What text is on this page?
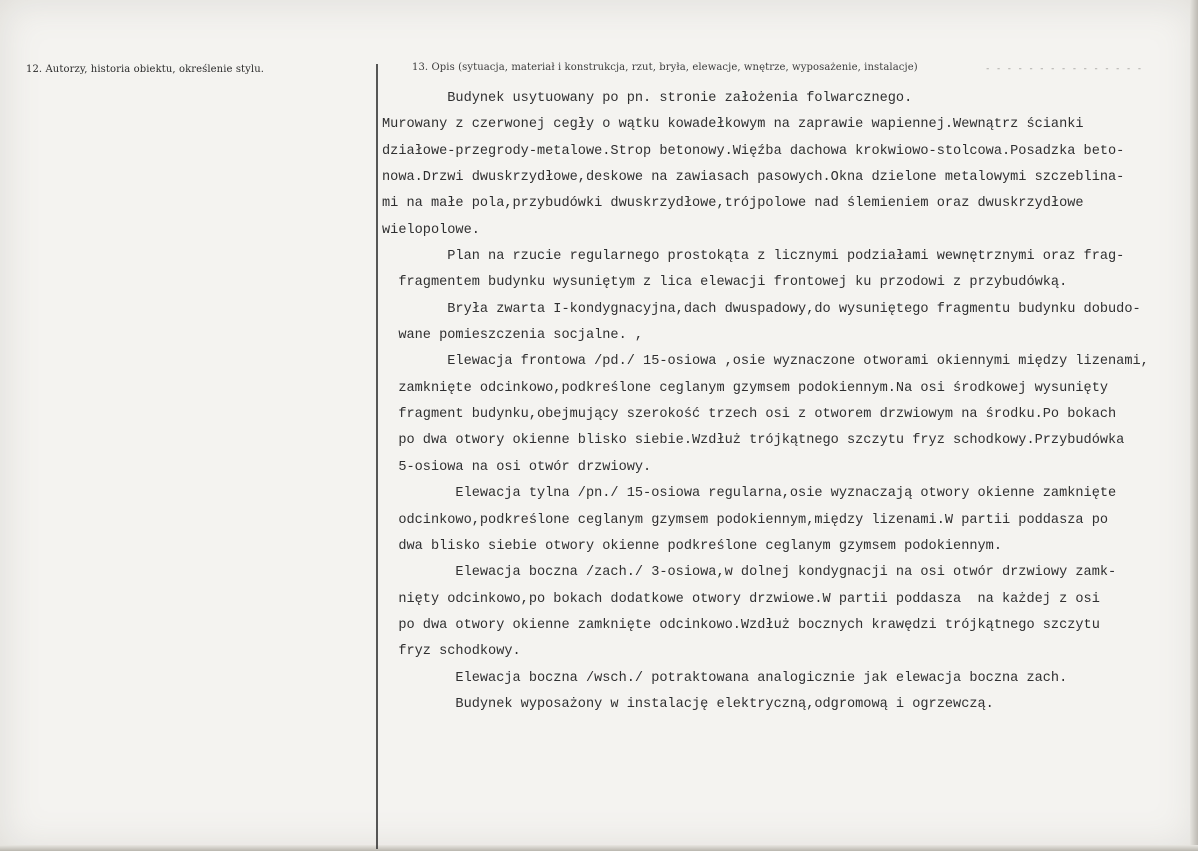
12. Autorzy, historia obiektu, określenie stylu.	13. Opis (sytuacja, materiał i konstrukcja, rzut, bryła, elewacje, wnętrze, wyposażenie, instalacje)	- - - - - - - - - - - - - - -
Budynek usytuowany po pn. stronie założenia folwarcznego.
Murowany z czerwonej cegły o wątku kowadełkowym na zaprawie wapiennej.Wewnątrz ścianki
działowe-przegrody-metalowe.Strop betonowy.Więźba dachowa krokwiowo-stolcowa.Posadzka beto-
nowa.Drzwi dwuskrzydłowe,deskowe na zawiasach pasowych.Okna dzielone metalowymi szczeblina-
mi na małe pola,przybudówki dwuskrzydłowe,trójpolowe nad ślemieniem oraz dwuskrzydłowe
wielopolowe.
Plan na rzucie regularnego prostokąta z licznymi podziałami wewnętrznymi oraz frag-
fragmentem budynku wysuniętym z lica elewacji frontowej ku przodowi z przybudówką.
Bryła zwarta I-kondygnacyjna,dach dwuspadowy,do wysuniętego fragmentu budynku dobudo-
wane pomieszczenia socjalne. ,
Elewacja frontowa /pd./ 15-osiowa ,osie wyznaczone otworami okiennymi między lizenami,
zamknięte odcinkowo,podkreślone ceglanym gzymsem podokiennym.Na osi środkowej wysunięty
fragment budynku,obejmujący szerokość trzech osi z otworem drzwiowym na środku.Po bokach
po dwa otwory okienne blisko siebie.Wzdłuż trójkątnego szczytu fryz schodkowy.Przybudówka
5-osiowa na osi otwór drzwiowy.
Elewacja tylna /pn./ 15-osiowa regularna,osie wyznaczają otwory okienne zamknięte
odcinkowo,podkreślone ceglanym gzymsem podokiennym,między lizenami.W partii poddasza po
dwa blisko siebie otwory okienne podkreślone ceglanym gzymsem podokiennym.
Elewacja boczna /zach./ 3-osiowa,w dolnej kondygnacji na osi otwór drzwiowy zamk-
nięty odcinkowo,po bokach dodatkowe otwory drzwiowe.W partii poddasza  na każdej z osi
po dwa otwory okienne zamknięte odcinkowo.Wzdłuż bocznych krawędzi trójkątnego szczytu
fryz schodkowy.
Elewacja boczna /wsch./ potraktowana analogicznie jak elewacja boczna zach.
Budynek wyposażony w instalację elektryczną,odgromową i ogrzewczą.
